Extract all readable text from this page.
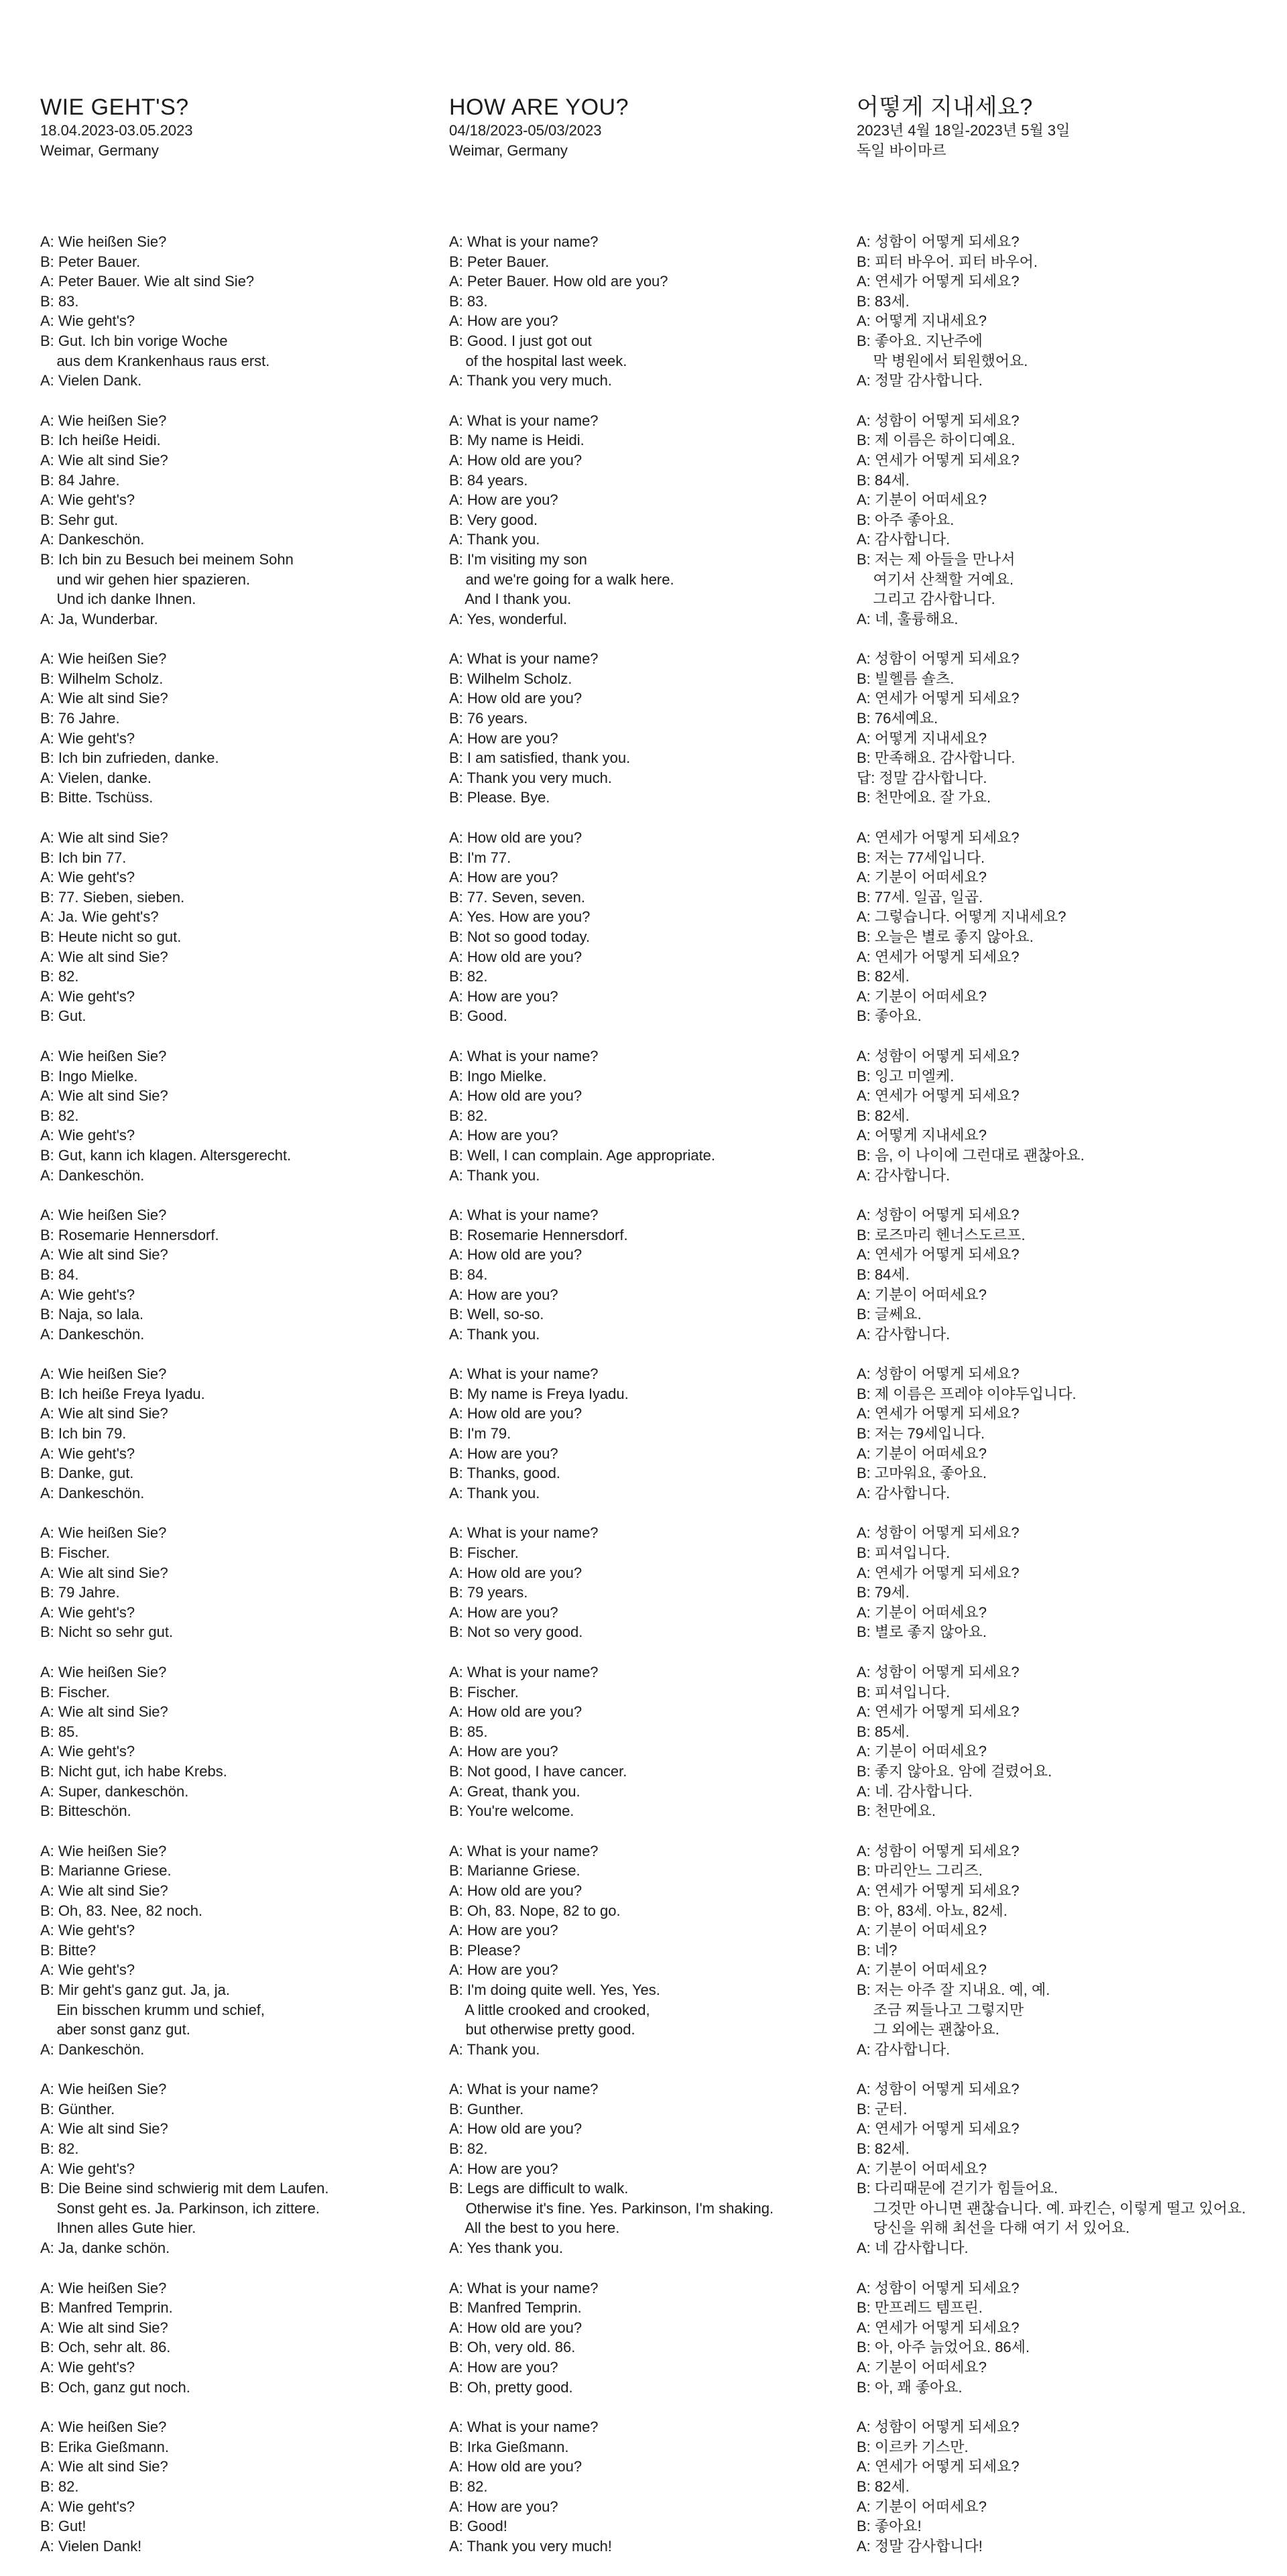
WIE GEHT'S?
18.04.2023-03.05.2023
Weimar, Germany
A: Wie heißen Sie?
B: Peter Bauer.
A: Peter Bauer. Wie alt sind Sie?
B: 83.
A: Wie geht's?
B: Gut. Ich bin vorige Woche
aus dem Krankenhaus raus erst.
A: Vielen Dank.
A: Wie heißen Sie?
B: Ich heiße Heidi.
A: Wie alt sind Sie?
B: 84 Jahre.
A: Wie geht's?
B: Sehr gut.
A: Dankeschön.
B: Ich bin zu Besuch bei meinem Sohn
und wir gehen hier spazieren.
Und ich danke Ihnen.
A: Ja, Wunderbar.
A: Wie heißen Sie?
B: Wilhelm Scholz.
A: Wie alt sind Sie?
B: 76 Jahre.
A: Wie geht's?
B: Ich bin zufrieden, danke.
A: Vielen, danke.
B: Bitte. Tschüss.
A: Wie alt sind Sie?
B: Ich bin 77.
A: Wie geht's?
B: 77. Sieben, sieben.
A: Ja. Wie geht's?
B: Heute nicht so gut.
A: Wie alt sind Sie?
B: 82.
A: Wie geht's?
B: Gut.
A: Wie heißen Sie?
B: Ingo Mielke.
A: Wie alt sind Sie?
B: 82.
A: Wie geht's?
B: Gut, kann ich klagen. Altersgerecht.
A: Dankeschön.
A: Wie heißen Sie?
B: Rosemarie Hennersdorf.
A: Wie alt sind Sie?
B: 84.
A: Wie geht's?
B: Naja, so lala.
A: Dankeschön.
A: Wie heißen Sie?
B: Ich heiße Freya Iyadu.
A: Wie alt sind Sie?
B: Ich bin 79.
A: Wie geht's?
B: Danke, gut.
A: Dankeschön.
A: Wie heißen Sie?
B: Fischer.
A: Wie alt sind Sie?
B: 79 Jahre.
A: Wie geht's?
B: Nicht so sehr gut.
A: Wie heißen Sie?
B: Fischer.
A: Wie alt sind Sie?
B: 85.
A: Wie geht's?
B: Nicht gut, ich habe Krebs.
A: Super, dankeschön.
B: Bitteschön.
A: Wie heißen Sie?
B: Marianne Griese.
A: Wie alt sind Sie?
B: Oh, 83. Nee, 82 noch.
A: Wie geht's?
B: Bitte?
A: Wie geht's?
B: Mir geht's ganz gut. Ja, ja.
Ein bisschen krumm und schief,
aber sonst ganz gut.
A: Dankeschön.
A: Wie heißen Sie?
B: Günther.
A: Wie alt sind Sie?
B: 82.
A: Wie geht's?
B: Die Beine sind schwierig mit dem Laufen.
Sonst geht es. Ja. Parkinson, ich zittere.
Ihnen alles Gute hier.
A: Ja, danke schön.
A: Wie heißen Sie?
B: Manfred Temprin.
A: Wie alt sind Sie?
B: Och, sehr alt. 86.
A: Wie geht's?
B: Och, ganz gut noch.
A: Wie heißen Sie?
B: Erika Gießmann.
A: Wie alt sind Sie?
B: 82.
A: Wie geht's?
B: Gut!
A: Vielen Dank!
HOW ARE YOU?
04/18/2023-05/03/2023
Weimar, Germany
A: What is your name?
B: Peter Bauer.
A: Peter Bauer. How old are you?
B: 83.
A: How are you?
B: Good. I just got out
of the hospital last week.
A: Thank you very much.
A: What is your name?
B: My name is Heidi.
A: How old are you?
B: 84 years.
A: How are you?
B: Very good.
A: Thank you.
B: I'm visiting my son
and we're going for a walk here.
And I thank you.
A: Yes, wonderful.
A: What is your name?
B: Wilhelm Scholz.
A: How old are you?
B: 76 years.
A: How are you?
B: I am satisfied, thank you.
A: Thank you very much.
B: Please. Bye.
A: How old are you?
B: I'm 77.
A: How are you?
B: 77. Seven, seven.
A: Yes. How are you?
B: Not so good today.
A: How old are you?
B: 82.
A: How are you?
B: Good.
A: What is your name?
B: Ingo Mielke.
A: How old are you?
B: 82.
A: How are you?
B: Well, I can complain. Age appropriate.
A: Thank you.
A: What is your name?
B: Rosemarie Hennersdorf.
A: How old are you?
B: 84.
A: How are you?
B: Well, so-so.
A: Thank you.
A: What is your name?
B: My name is Freya Iyadu.
A: How old are you?
B: I'm 79.
A: How are you?
B: Thanks, good.
A: Thank you.
A: What is your name?
B: Fischer.
A: How old are you?
B: 79 years.
A: How are you?
B: Not so very good.
A: What is your name?
B: Fischer.
A: How old are you?
B: 85.
A: How are you?
B: Not good, I have cancer.
A: Great, thank you.
B: You're welcome.
A: What is your name?
B: Marianne Griese.
A: How old are you?
B: Oh, 83. Nope, 82 to go.
A: How are you?
B: Please?
A: How are you?
B: I'm doing quite well. Yes, Yes.
A little crooked and crooked,
but otherwise pretty good.
A: Thank you.
A: What is your name?
B: Gunther.
A: How old are you?
B: 82.
A: How are you?
B: Legs are difficult to walk.
Otherwise it's fine. Yes. Parkinson, I'm shaking.
All the best to you here.
A: Yes thank you.
A: What is your name?
B: Manfred Temprin.
A: How old are you?
B: Oh, very old. 86.
A: How are you?
B: Oh, pretty good.
A: What is your name?
B: Irka Gießmann.
A: How old are you?
B: 82.
A: How are you?
B: Good!
A: Thank you very much!
어떻게 지내세요?
2023년 4월 18일-2023년 5월 3일
독일 바이마르
A: 성함이 어떻게 되세요?
B: 피터 바우어. 피터 바우어.
A: 연세가 어떻게 되세요?
B: 83세.
A: 어떻게 지내세요?
B: 좋아요. 지난주에
막 병원에서 퇴원했어요.
A: 정말 감사합니다.
A: 성함이 어떻게 되세요?
B: 제 이름은 하이디예요.
A: 연세가 어떻게 되세요?
B: 84세.
A: 기분이 어떠세요?
B: 아주 좋아요.
A: 감사합니다.
B: 저는 제 아들을 만나서
여기서 산책할 거예요.
그리고 감사합니다.
A: 네, 훌륭해요.
A: 성함이 어떻게 되세요?
B: 빌헬름 숄츠.
A: 연세가 어떻게 되세요?
B: 76세예요.
A: 어떻게 지내세요?
B: 만족해요. 감사합니다.
답: 정말 감사합니다.
B: 천만에요. 잘 가요.
A: 연세가 어떻게 되세요?
B: 저는 77세입니다.
A: 기분이 어떠세요?
B: 77세. 일곱, 일곱.
A: 그렇습니다. 어떻게 지내세요?
B: 오늘은 별로 좋지 않아요.
A: 연세가 어떻게 되세요?
B: 82세.
A: 기분이 어떠세요?
B: 좋아요.
A: 성함이 어떻게 되세요?
B: 잉고 미엘케.
A: 연세가 어떻게 되세요?
B: 82세.
A: 어떻게 지내세요?
B: 음, 이 나이에 그런대로 괜찮아요.
A: 감사합니다.
A: 성함이 어떻게 되세요?
B: 로즈마리 헨너스도르프.
A: 연세가 어떻게 되세요?
B: 84세.
A: 기분이 어떠세요?
B: 글쎄요.
A: 감사합니다.
A: 성함이 어떻게 되세요?
B: 제 이름은 프레야 이야두입니다.
A: 연세가 어떻게 되세요?
B: 저는 79세입니다.
A: 기분이 어떠세요?
B: 고마워요, 좋아요.
A: 감사합니다.
A: 성함이 어떻게 되세요?
B: 피셔입니다.
A: 연세가 어떻게 되세요?
B: 79세.
A: 기분이 어떠세요?
B: 별로 좋지 않아요.
A: 성함이 어떻게 되세요?
B: 피셔입니다.
A: 연세가 어떻게 되세요?
B: 85세.
A: 기분이 어떠세요?
B: 좋지 않아요. 암에 걸렸어요.
A: 네. 감사합니다.
B: 천만에요.
A: 성함이 어떻게 되세요?
B: 마리안느 그리즈.
A: 연세가 어떻게 되세요?
B: 아, 83세. 아뇨, 82세.
A: 기분이 어떠세요?
B: 네?
A: 기분이 어떠세요?
B: 저는 아주 잘 지내요. 예, 예.
조금 찌들나고 그렇지만
그 외에는 괜찮아요.
A: 감사합니다.
A: 성함이 어떻게 되세요?
B: 군터.
A: 연세가 어떻게 되세요?
B: 82세.
A: 기분이 어떠세요?
B: 다리때문에 걷기가 힘들어요.
그것만 아니면 괜찮습니다. 예. 파킨슨, 이렇게 떨고 있어요.
당신을 위해 최선을 다해 여기 서 있어요.
A: 네 감사합니다.
A: 성함이 어떻게 되세요?
B: 만프레드 템프린.
A: 연세가 어떻게 되세요?
B: 아, 아주 늙었어요. 86세.
A: 기분이 어떠세요?
B: 아, 꽤 좋아요.
A: 성함이 어떻게 되세요?
B: 이르카 기스만.
A: 연세가 어떻게 되세요?
B: 82세.
A: 기분이 어떠세요?
B: 좋아요!
A: 정말 감사합니다!
